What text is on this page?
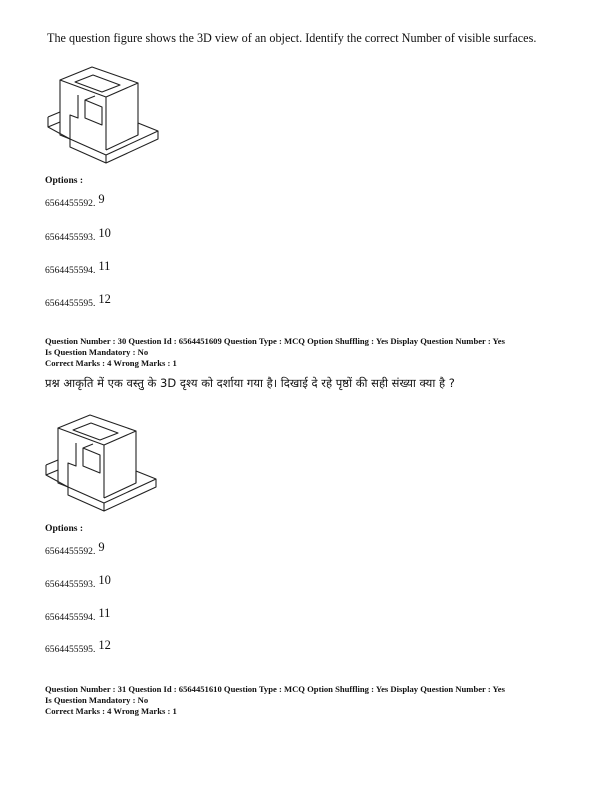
The question figure shows the 3D view of an object. Identify the correct Number of visible surfaces.
Options :
6564455592. 9
6564455593. 10
6564455594. 11
6564455595. 12
Question Number : 30 Question Id : 6564451609 Question Type : MCQ Option Shuffling : Yes Display Question Number : Yes
Is Question Mandatory : No
Correct Marks : 4 Wrong Marks : 1
प्रश्न आकृति में एक वस्तु के 3D दृश्य को दर्शाया गया है। दिखाई दे रहे पृष्ठों की सही संख्या क्या है ?
Options :
6564455592. 9
6564455593. 10
6564455594. 11
6564455595. 12
Question Number : 31 Question Id : 6564451610 Question Type : MCQ Option Shuffling : Yes Display Question Number : Yes
Is Question Mandatory : No
Correct Marks : 4 Wrong Marks : 1
